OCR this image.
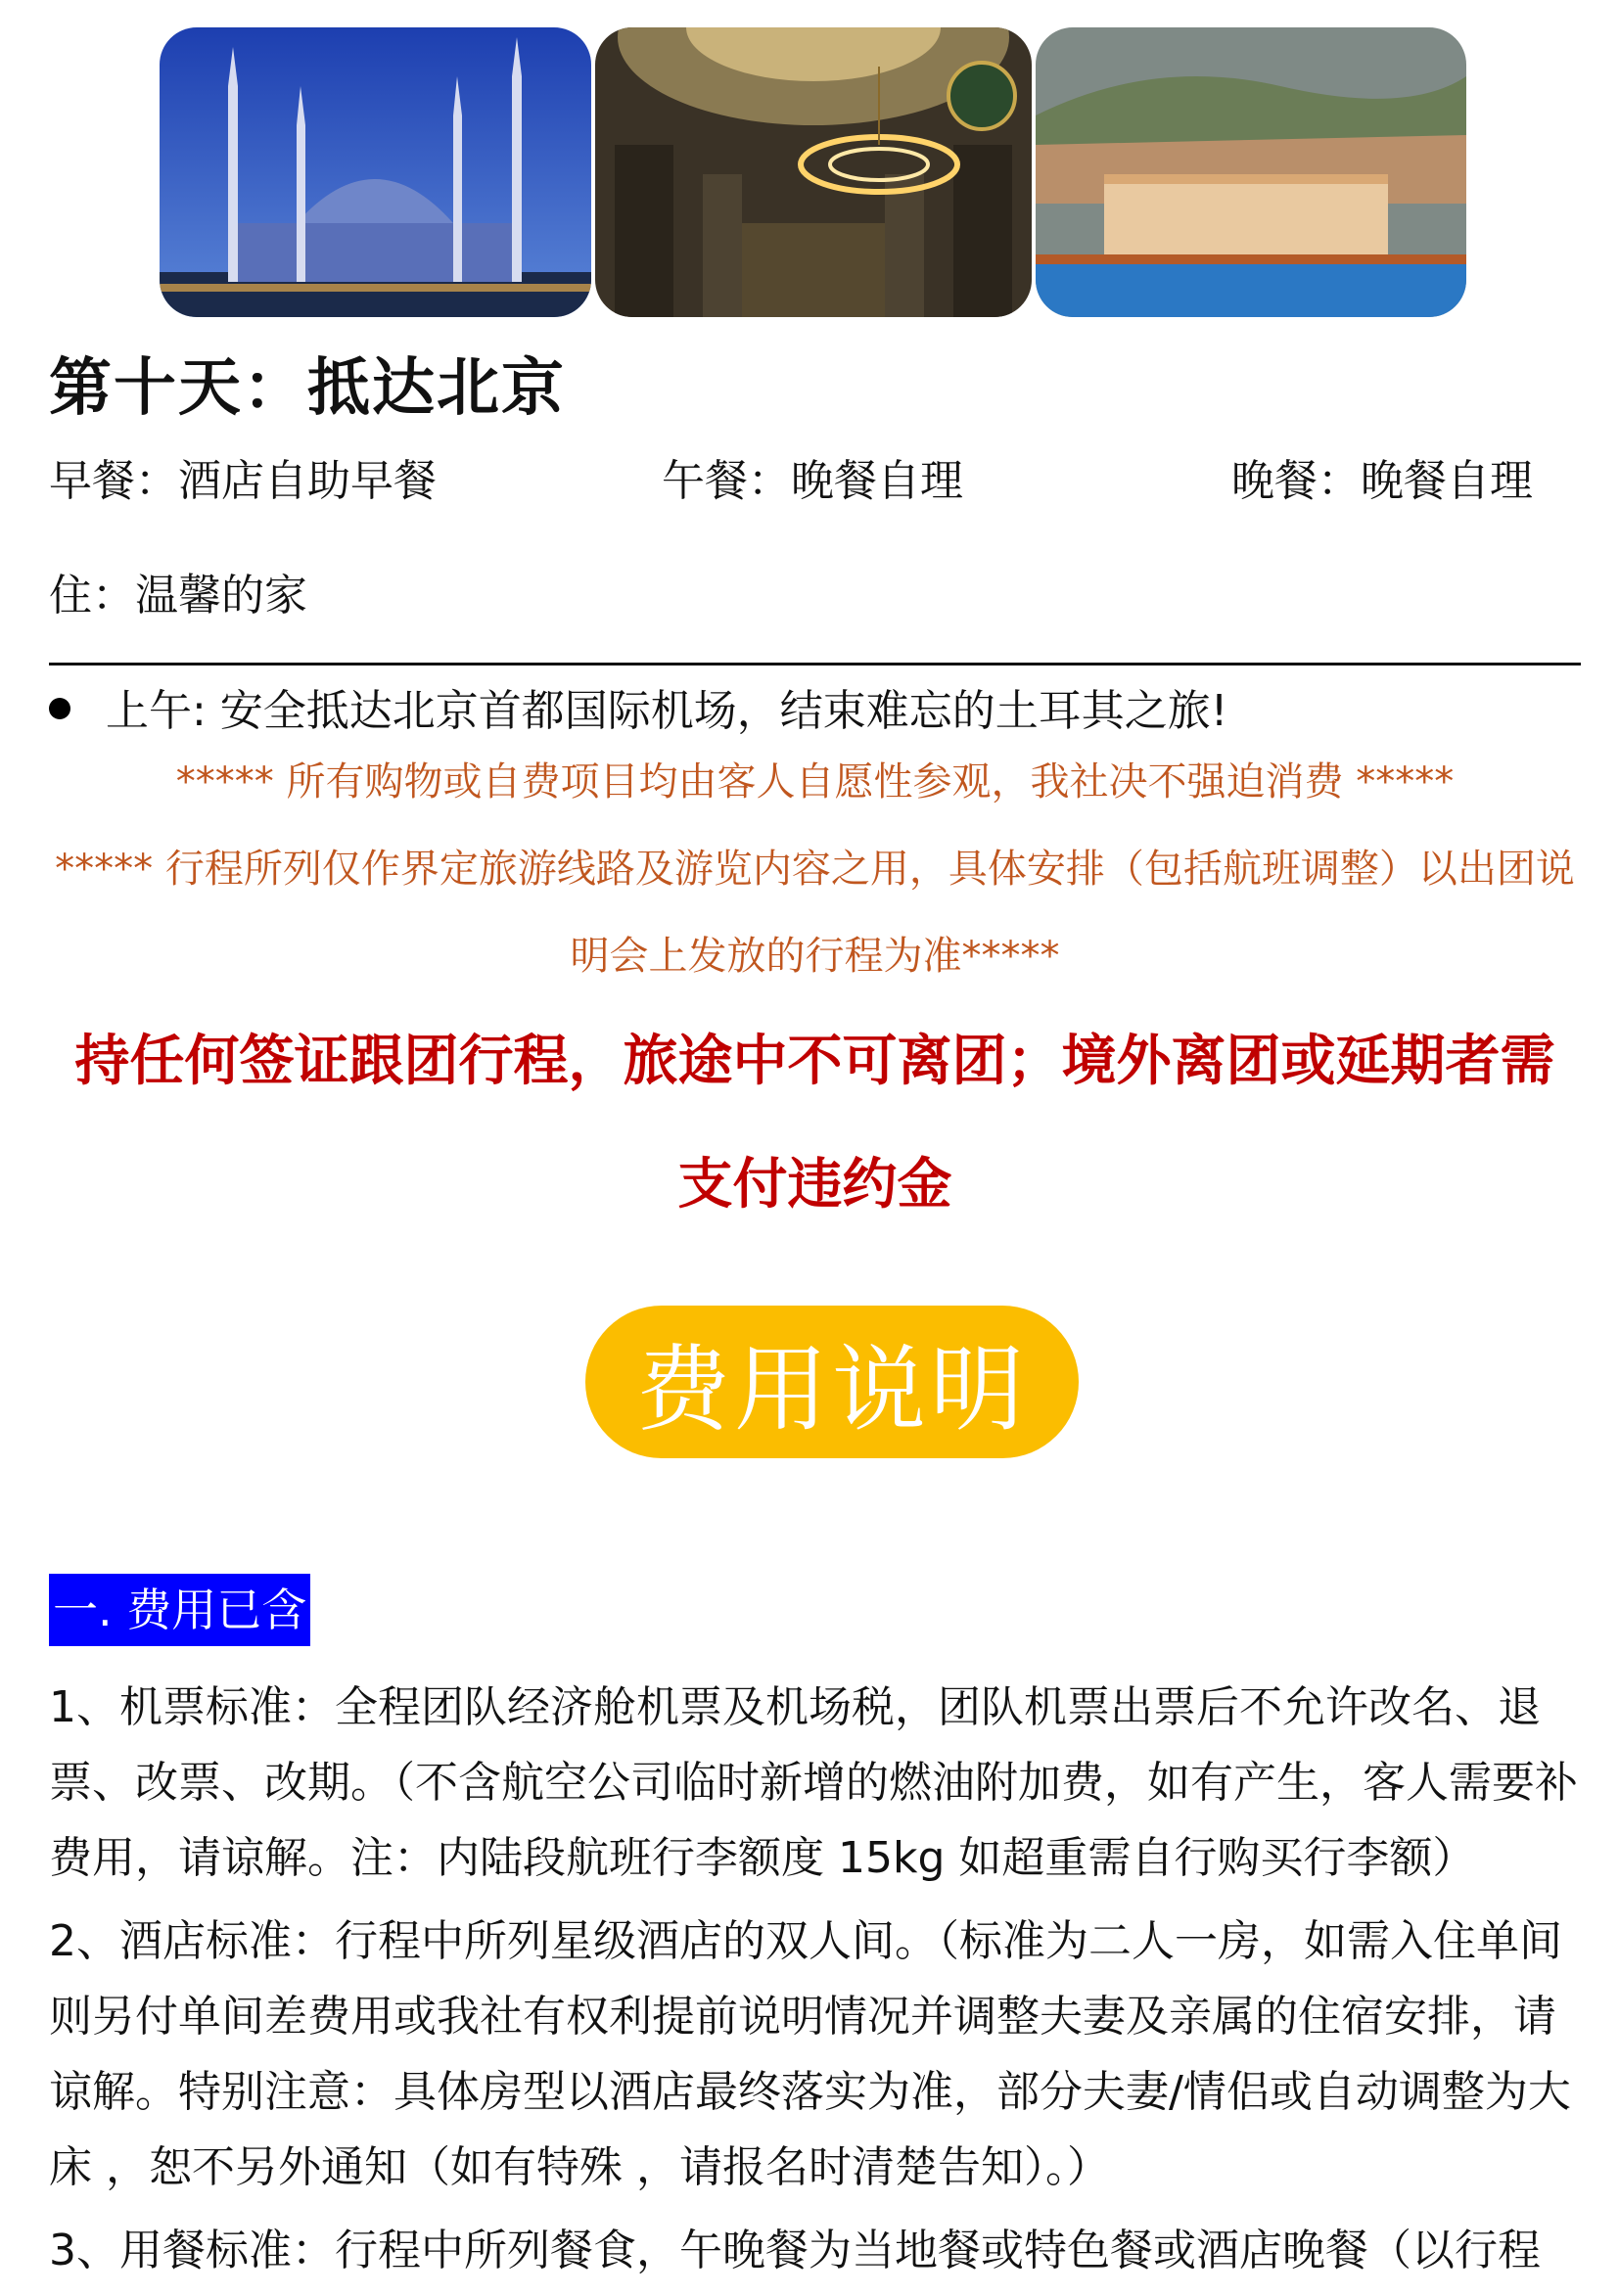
第十天：抵达北京
早餐：酒店自助早餐	午餐：晚餐自理	晚餐：晚餐自理
住：温馨的家
上午: 安全抵达北京首都国际机场，结束难忘的土耳其之旅!
***** 所有购物或自费项目均由客人自愿性参观，我社决不强迫消费 *****
***** 行程所列仅作界定旅游线路及游览内容之用，具体安排（包括航班调整）以出团说明会上发放的行程为准*****
持任何签证跟团行程，旅途中不可离团；境外离团或延期者需支付违约金
费用说明
一. 费用已含
1、机票标准：全程团队经济舱机票及机场税，团队机票出票后不允许改名、退票、改票、改期。（不含航空公司临时新增的燃油附加费，如有产生，客人需要补费用，请谅解。注：内陆段航班行李额度 15kg 如超重需自行购买行李额）
2、酒店标准：行程中所列星级酒店的双人间。（标准为二人一房，如需入住单间则另付单间差费用或我社有权利提前说明情况并调整夫妻及亲属的住宿安排，请谅解。特别注意：具体房型以酒店最终落实为准，部分夫妻/情侣或自动调整为大床 ，恕不另外通知（如有特殊 ，请报名时清楚告知）。）
3、用餐标准：行程中所列餐食，午晚餐为当地餐或特色餐或酒店晚餐（以行程
